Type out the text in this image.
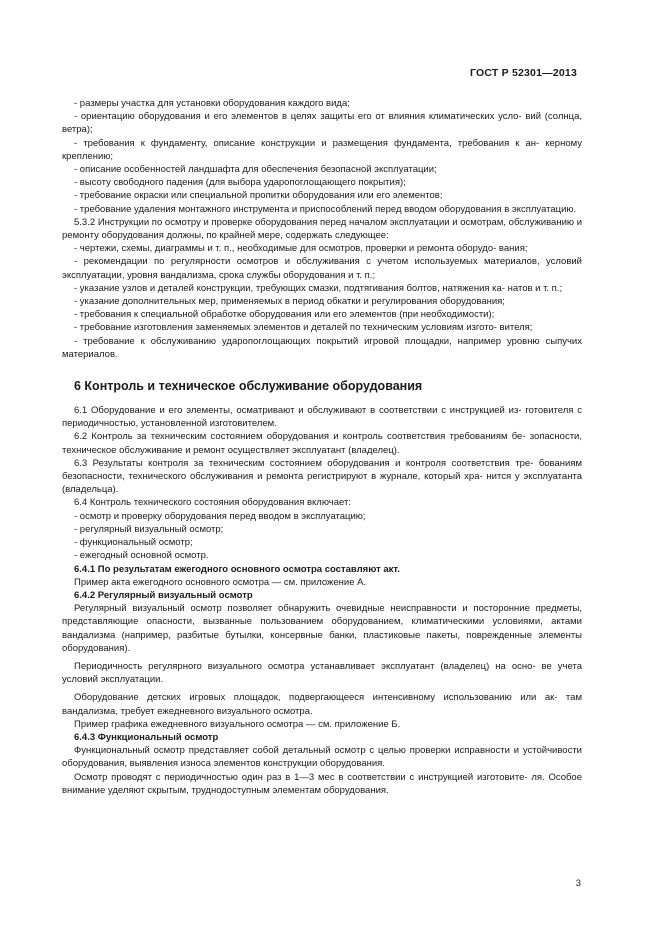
ГОСТ Р 52301—2013

- размеры участка для установки оборудования каждого вида;

- ориентацию оборудования и его элементов в целях защиты его от влияния климатических усло- вий (солнца, ветра);

- требования к фундаменту, описание конструкции и размещения фундамента, требования к ан- керному креплению;

- описание особенностей ландшафта для обеспечения безопасной эксплуатации;

- высоту свободного падения (для выбора ударопоглощающего покрытия);

- требование окраски или специальной пропитки оборудования или его элементов;

- требование удаления монтажного инструмента и приспособлений перед вводом оборудования в эксплуатацию.

5.3.2 Инструкции по осмотру и проверке оборудования перед началом эксплуатации и осмотрам, обслуживанию и ремонту оборудования должны, по крайней мере, содержать следующее:

- чертежи, схемы, диаграммы и т. п., необходимые для осмотров, проверки и ремонта оборудо- вания;

- рекомендации по регулярности осмотров и обслуживания с учетом используемых материалов, условий эксплуатации, уровня вандализма, срока службы оборудования и т. п.;

- указание узлов и деталей конструкции, требующих смазки, подтягивания болтов, натяжения ка- натов и т. п.;

- указание дополнительных мер, применяемых в период обкатки и регулирования оборудования;

- требования к специальной обработке оборудования или его элементов (при необходимости);

- требование изготовления заменяемых элементов и деталей по техническим условиям изгото- вителя;

- требование к обслуживанию ударопоглощающих покрытий игровой площадки, например уровню сыпучих материалов.

6 Контроль и техническое обслуживание оборудования

6.1 Оборудование и его элементы, осматривают и обслуживают в соответствии с инструкцией из- готовителя с периодичностью, установленной изготовителем.

6.2 Контроль за техническим состоянием оборудования и контроль соответствия требованиям бе- зопасности, техническое обслуживание и ремонт осуществляет эксплуатант (владелец).

6.3 Результаты контроля за техническим состоянием оборудования и контроля соответствия тре- бованиям безопасности, технического обслуживания и ремонта регистрируют в журнале, который хра- нится у эксплуатанта (владельца).

6.4 Контроль технического состояния оборудования включает:

- осмотр и проверку оборудования перед вводом в эксплуатацию;

- регулярный визуальный осмотр;

- функциональный осмотр;

- ежегодный основной осмотр.

6.4.1 По результатам ежегодного основного осмотра составляют акт.

Пример акта ежегодного основного осмотра — см. приложение А.

6.4.2 Регулярный визуальный осмотр

Регулярный визуальный осмотр позволяет обнаружить очевидные неисправности и посторонние предметы, представляющие опасности, вызванные пользованием оборудованием, климатическими условиями, актами вандализма (например, разбитые бутылки, консервные банки, пластиковые пакеты, поврежденные элементы оборудования).

Периодичность регулярного визуального осмотра устанавливает эксплуатант (владелец) на осно- ве учета условий эксплуатации.

Оборудование детских игровых площадок, подвергающееся интенсивному использованию или ак- там вандализма, требует ежедневного визуального осмотра.

Пример графика ежедневного визуального осмотра — см. приложение Б.

6.4.3 Функциональный осмотр

Функциональный осмотр представляет собой детальный осмотр с целью проверки исправности и устойчивости оборудования, выявления износа элементов конструкции оборудования.

Осмотр проводят с периодичностью один раз в 1—3 мес в соответствии с инструкцией изготовите- ля. Особое внимание уделяют скрытым, труднодоступным элементам оборудования.

3
